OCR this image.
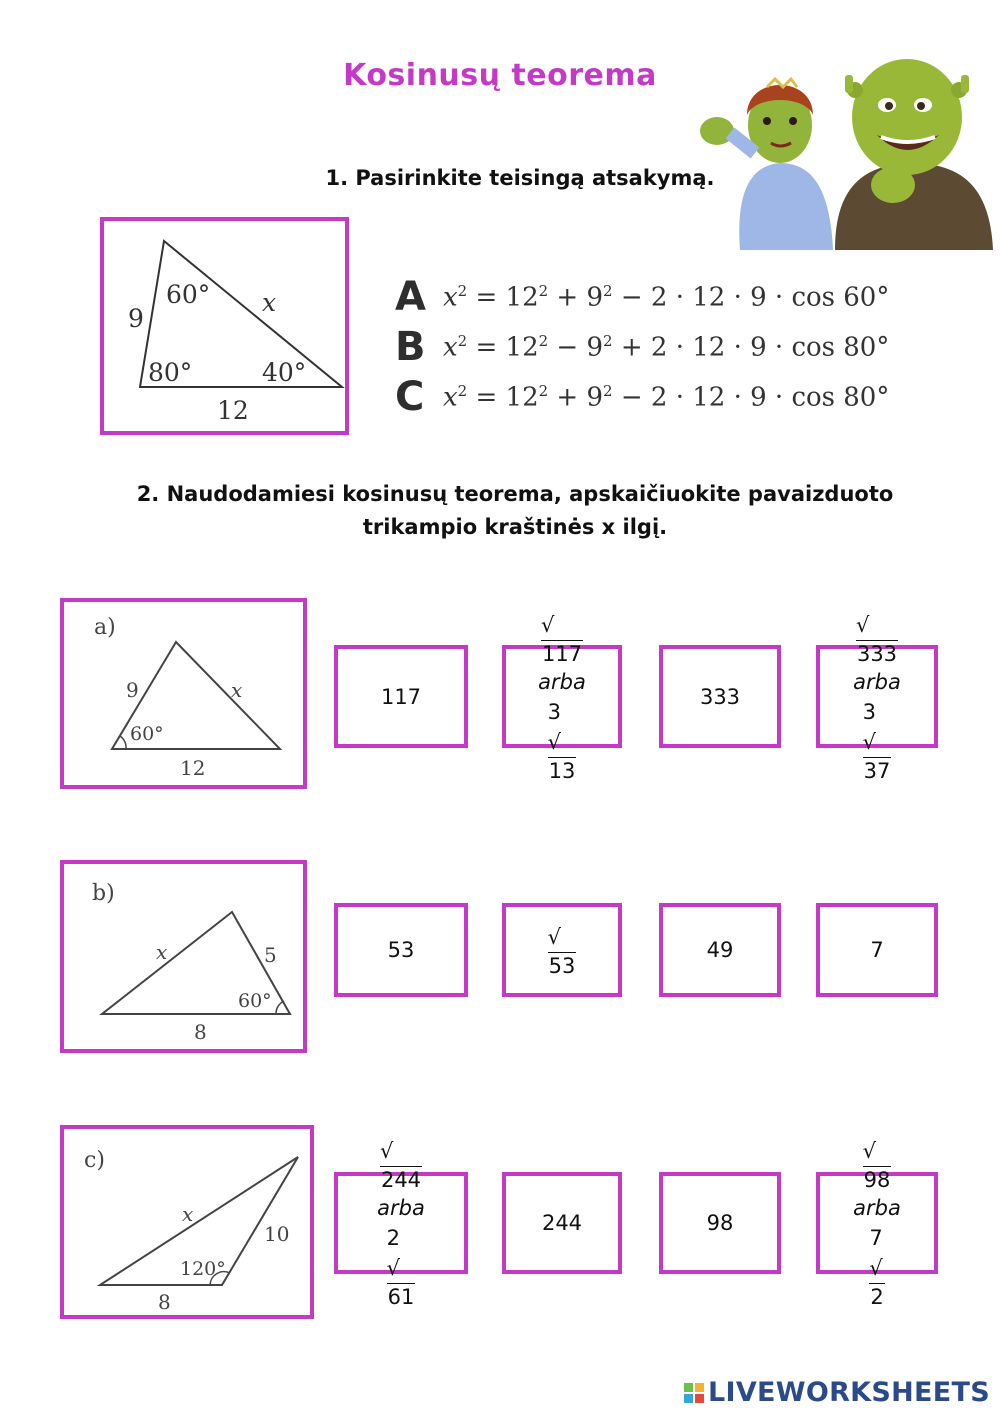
Kosinusų teorema
1. Pasirinkite teisingą atsakymą.
60°
80°	40°
9
x
12
A $x^2 = 12^2 + 9^2 - 2 \cdot 12 \cdot 9 \cdot \cos 60^\circ$
B $x^2 = 12^2 - 9^2 + 2 \cdot 12 \cdot 9 \cdot \cos 80^\circ$
C $x^2 = 12^2 + 9^2 - 2 \cdot 12 \cdot 9 \cdot \cos 80^\circ$
2. Naudodamiesi kosinusų teorema, apskaičiuokite pavaizduoto
trikampio kraštinės x ilgį.
a)
9	x
60°
12
117
√
117
arba
3
√
13
333
√
333
arba
3
√
37
b)
x	5
60°
8
53
√
53
49	7
c)
x
10
120°
8
√
244
arba
2
√
61
244	98
√
98
arba
7
√
2
LIVEWORKSHEETS
